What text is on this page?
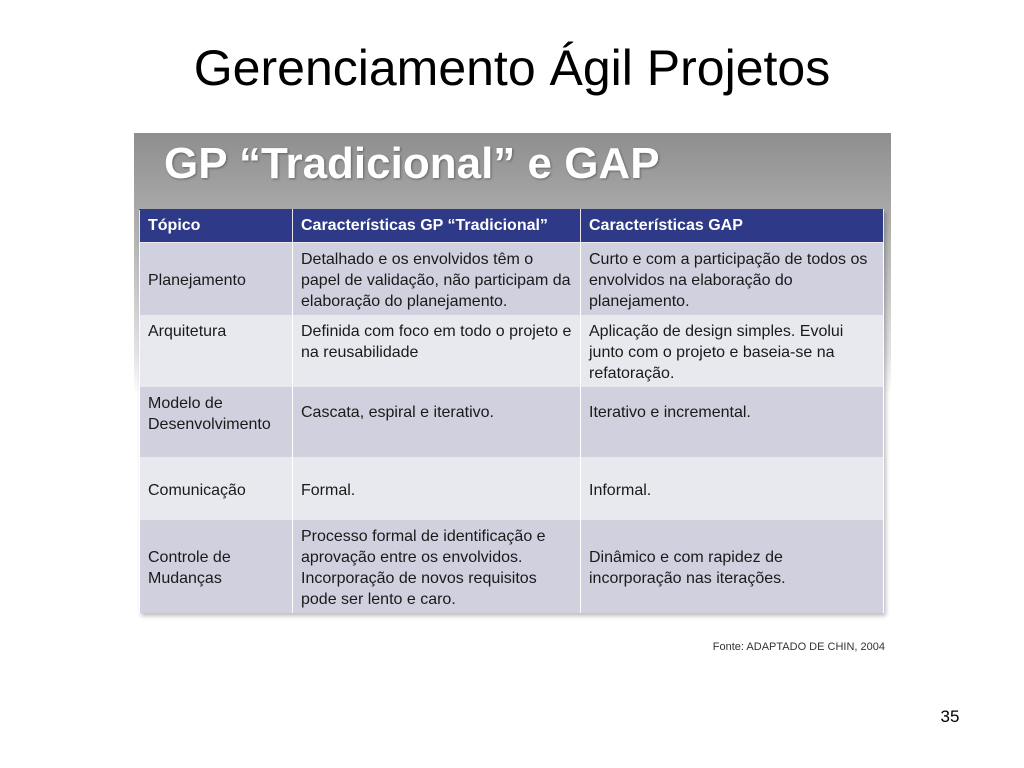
Gerenciamento Ágil Projetos
GP “Tradicional” e GAP
Tópico	Características GP “Tradicional”	Características GAP
Planejamento	Detalhado e os envolvidos têm o papel de validação, não participam da elaboração do planejamento.	Curto e com a participação de todos os envolvidos na elaboração do planejamento.
Arquitetura	Definida com foco em todo o projeto e na reusabilidade	Aplicação de design simples. Evolui junto com o projeto e baseia-se na refatoração.
Modelo de Desenvolvimento	Cascata, espiral e iterativo.	Iterativo e incremental.
Comunicação	Formal.	Informal.
Controle de Mudanças	Processo formal de identificação e aprovação entre os envolvidos. Incorporação de novos requisitos pode ser lento e caro.	Dinâmico e com rapidez de incorporação nas iterações.
Fonte: ADAPTADO DE CHIN, 2004
35
